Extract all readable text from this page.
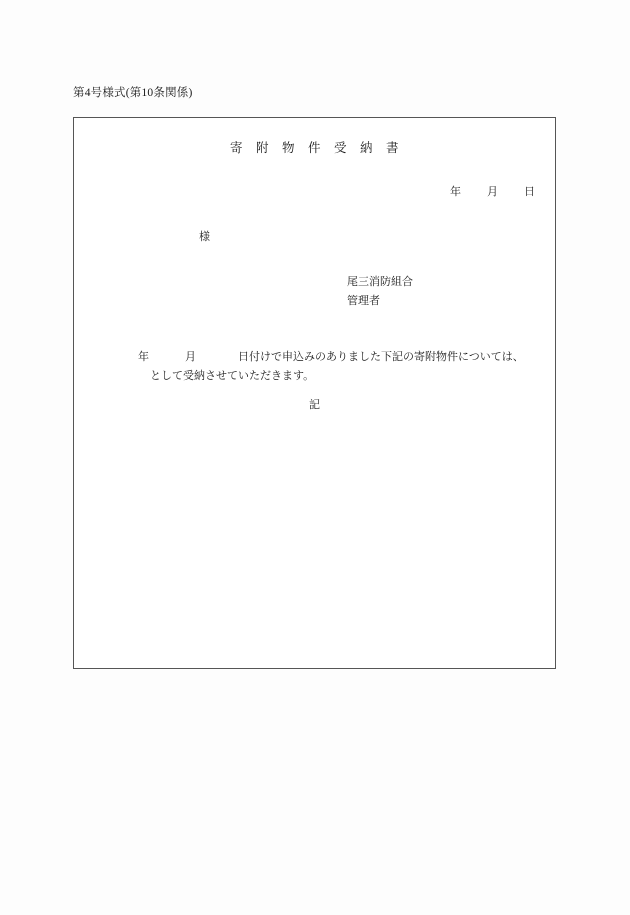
第4号様式(第10条関係)
寄　附　物　件　受　納　書
年 月 日
様
尾三消防組合
管理者
年	月	日付けで申込みのありました下記の寄附物件については、
として受納させていただきます。
記
